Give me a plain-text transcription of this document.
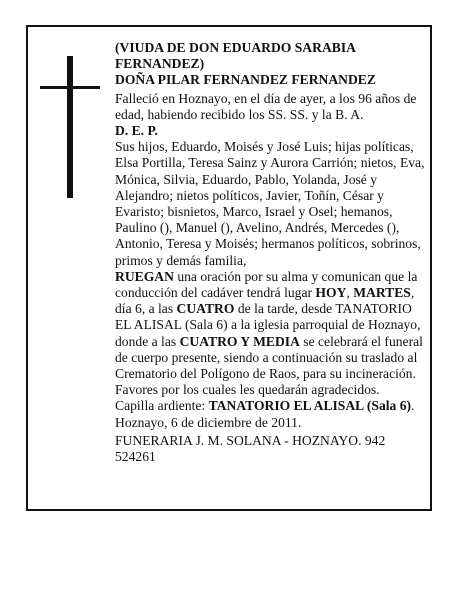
(VIUDA DE DON EDUARDO SARABIA FERNANDEZ)

DOÑA PILAR FERNANDEZ FERNANDEZ

Falleció en Hoznayo, en el día de ayer, a los 96 años de edad, habiendo recibido los SS. SS. y la B. A.

D. E. P.

Sus hijos, Eduardo, Moisés y José Luis; hijas políticas, Elsa Portilla, Teresa Sainz y Aurora Carrión; nietos, Eva, Mónica, Silvia, Eduardo, Pablo, Yolanda, José y Alejandro; nietos políticos, Javier, Toñín, César y Evaristo; bisnietos, Marco, Israel y Osel; hemanos, Paulino (), Manuel (), Avelino, Andrés, Mercedes (), Antonio, Teresa y Moisés; hermanos políticos, sobrinos, primos y demás familia,

RUEGAN una oración por su alma y comunican que la conducción del cadáver tendrá lugar HOY, MARTES, día 6, a las CUATRO de la tarde, desde TANATORIO EL ALISAL (Sala 6) a la iglesia parroquial de Hoznayo, donde a las CUATRO Y MEDIA se celebrará el funeral de cuerpo presente, siendo a continuación su traslado al Crematorio del Polígono de Raos, para su incineración. Favores por los cuales les quedarán agradecidos.

Capilla ardiente: TANATORIO EL ALISAL (Sala 6).

Hoznayo, 6 de diciembre de 2011.

FUNERARIA J. M. SOLANA - HOZNAYO. 942 524261
